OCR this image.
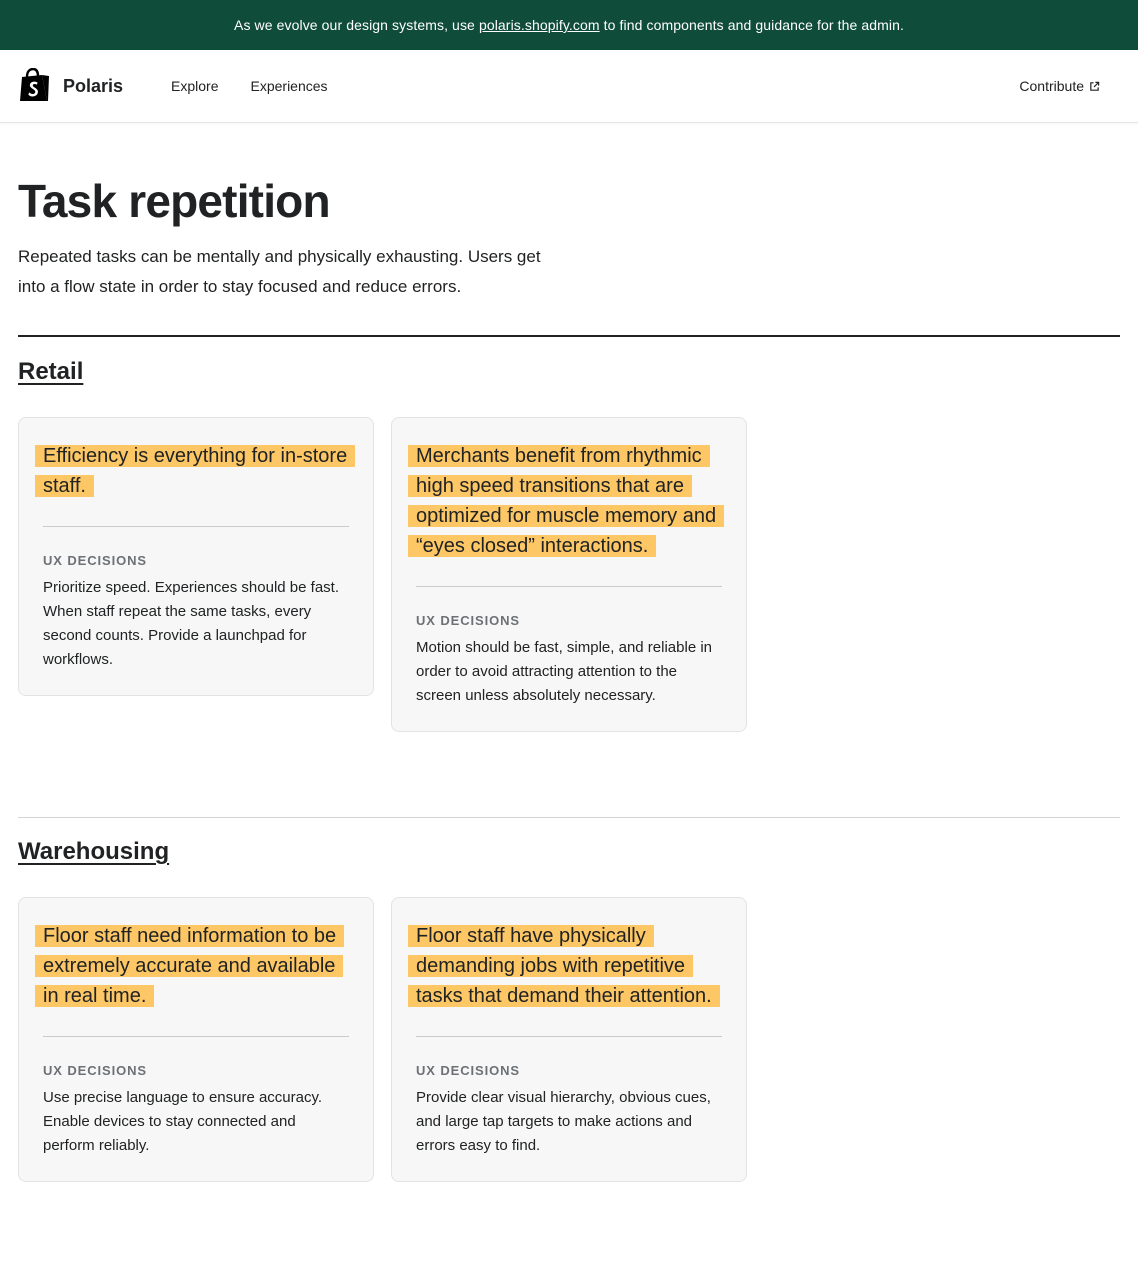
As we evolve our design systems, use polaris.shopify.com to find components and guidance for the admin.
Polaris	Explore Experiences	Contribute
Task repetition

Repeated tasks can be mentally and physically exhausting. Users get into a flow state in order to stay focused and reduce errors.

Retail
Efficiency is everything for in-store staff.
UX DECISIONS
Prioritize speed. Experiences should be fast. When staff repeat the same tasks, every second counts. Provide a launchpad for workflows.
Merchants benefit from rhythmic high speed transitions that are optimized for muscle memory and “eyes closed” interactions.
UX DECISIONS
Motion should be fast, simple, and reliable in order to avoid attracting attention to the screen unless absolutely necessary.
Warehousing
Floor staff need information to be extremely accurate and available in real time.
UX DECISIONS
Use precise language to ensure accuracy. Enable devices to stay connected and perform reliably.
Floor staff have physically demanding jobs with repetitive tasks that demand their attention.
UX DECISIONS
Provide clear visual hierarchy, obvious cues, and large tap targets to make actions and errors easy to find.
